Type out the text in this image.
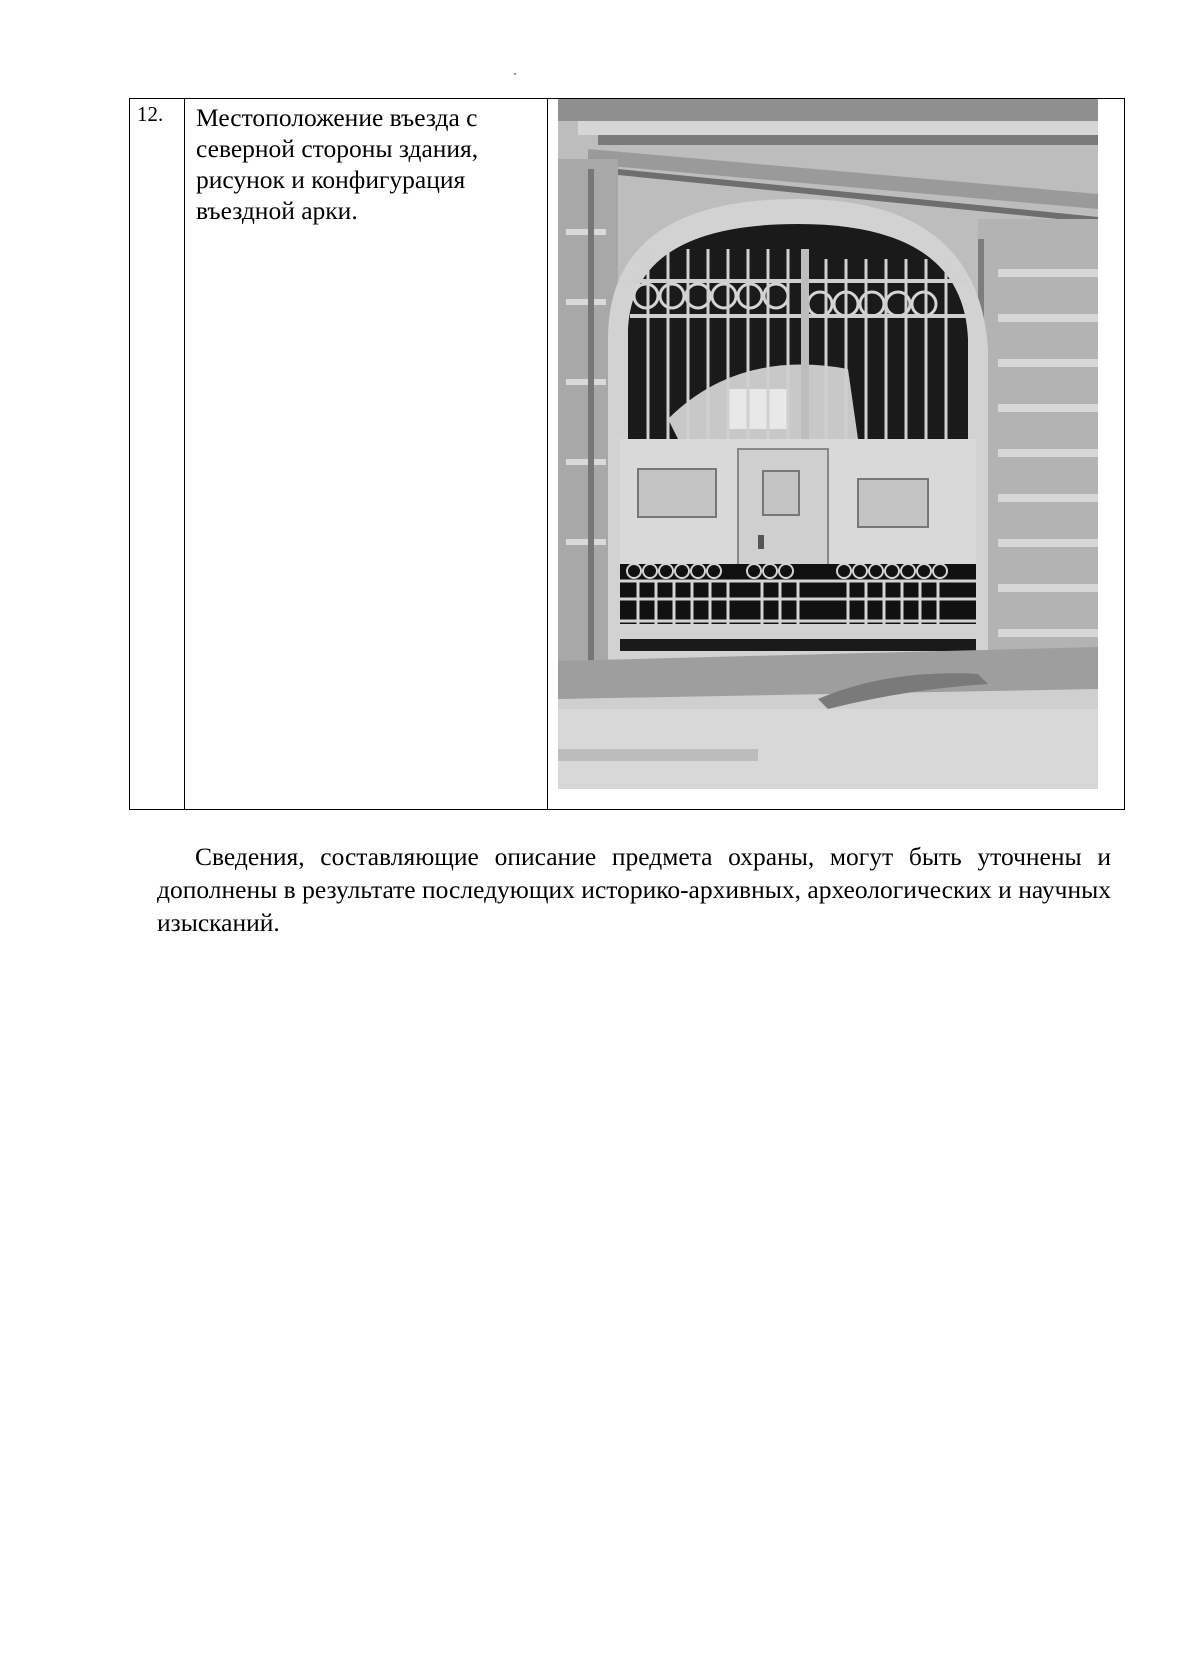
12.	Местоположение въезда с северной стороны здания, рисунок и конфигурация въездной арки.

Сведения, составляющие описание предмета охраны, могут быть уточнены и дополнены в результате последующих историко-архивных, археологических и научных изысканий.
